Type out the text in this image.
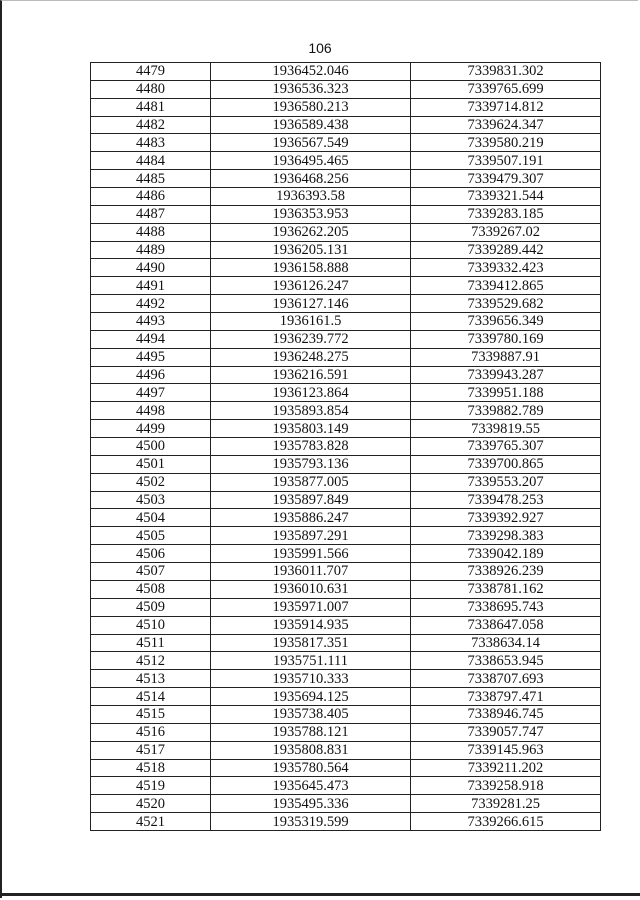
106
4479	1936452.046	7339831.302
4480	1936536.323	7339765.699
4481	1936580.213	7339714.812
4482	1936589.438	7339624.347
4483	1936567.549	7339580.219
4484	1936495.465	7339507.191
4485	1936468.256	7339479.307
4486	1936393.58	7339321.544
4487	1936353.953	7339283.185
4488	1936262.205	7339267.02
4489	1936205.131	7339289.442
4490	1936158.888	7339332.423
4491	1936126.247	7339412.865
4492	1936127.146	7339529.682
4493	1936161.5	7339656.349
4494	1936239.772	7339780.169
4495	1936248.275	7339887.91
4496	1936216.591	7339943.287
4497	1936123.864	7339951.188
4498	1935893.854	7339882.789
4499	1935803.149	7339819.55
4500	1935783.828	7339765.307
4501	1935793.136	7339700.865
4502	1935877.005	7339553.207
4503	1935897.849	7339478.253
4504	1935886.247	7339392.927
4505	1935897.291	7339298.383
4506	1935991.566	7339042.189
4507	1936011.707	7338926.239
4508	1936010.631	7338781.162
4509	1935971.007	7338695.743
4510	1935914.935	7338647.058
4511	1935817.351	7338634.14
4512	1935751.111	7338653.945
4513	1935710.333	7338707.693
4514	1935694.125	7338797.471
4515	1935738.405	7338946.745
4516	1935788.121	7339057.747
4517	1935808.831	7339145.963
4518	1935780.564	7339211.202
4519	1935645.473	7339258.918
4520	1935495.336	7339281.25
4521	1935319.599	7339266.615
